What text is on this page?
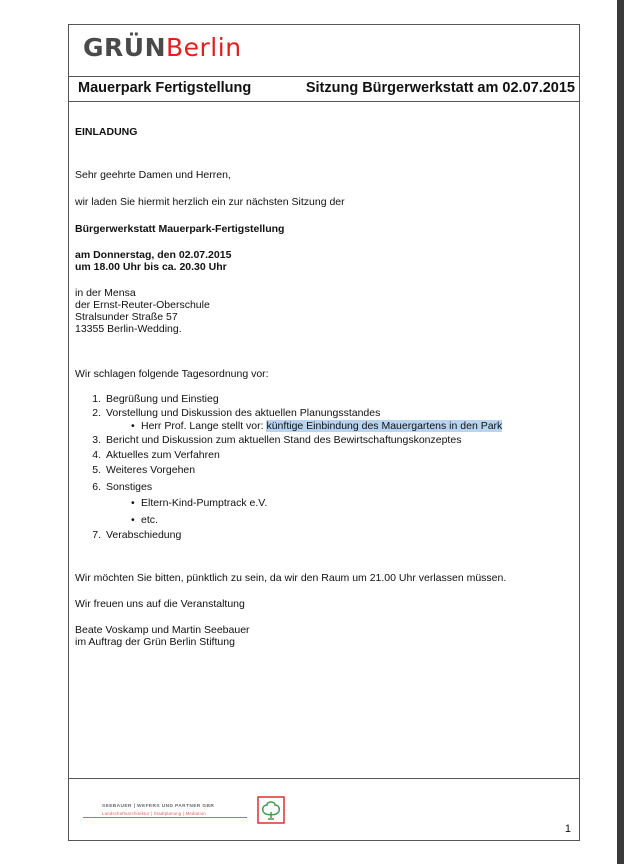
GRÜNBerlin
Mauerpark Fertigstellung	Sitzung Bürgerwerkstatt am 02.07.2015
EINLADUNG
Sehr geehrte Damen und Herren,
wir laden Sie hiermit herzlich ein zur nächsten Sitzung der
Bürgerwerkstatt Mauerpark-Fertigstellung
am Donnerstag, den 02.07.2015
um 18.00 Uhr bis ca. 20.30 Uhr
in der Mensa
der Ernst-Reuter-Oberschule
Stralsunder Straße 57
13355 Berlin-Wedding.
Wir schlagen folgende Tagesordnung vor:
1. Begrüßung und Einstieg
2. Vorstellung und Diskussion des aktuellen Planungsstandes
• Herr Prof. Lange stellt vor: künftige Einbindung des Mauergartens in den Park
3. Bericht und Diskussion zum aktuellen Stand des Bewirtschaftungskonzeptes
4. Aktuelles zum Verfahren
5. Weiteres Vorgehen
6. Sonstiges
• Eltern-Kind-Pumptrack e.V.
• etc.
7. Verabschiedung
Wir möchten Sie bitten, pünktlich zu sein, da wir den Raum um 21.00 Uhr verlassen müssen.
Wir freuen uns auf die Veranstaltung
Beate Voskamp und Martin Seebauer
im Auftrag der Grün Berlin Stiftung
SEEBAUER | WEFERS UND PARTNER GBR
Landschaftsarchitektur | Stadtplanung | Mediation
1
